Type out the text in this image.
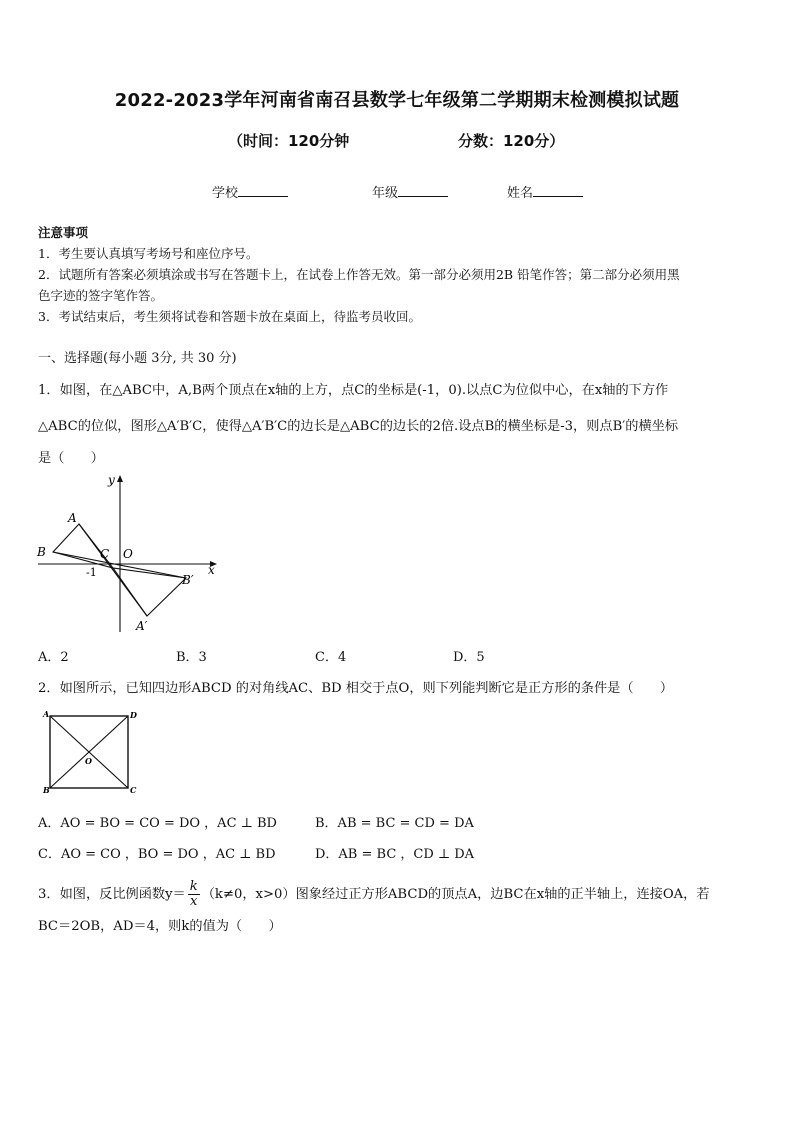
2022-2023学年河南省南召县数学七年级第二学期期末检测模拟试题
（时间：120分钟	分数：120分）
学校	年级	姓名
注意事项
1．考生要认真填写考场号和座位序号。
2．试题所有答案必须填涂或书写在答题卡上，在试卷上作答无效。第一部分必须用2B 铅笔作答；第二部分必须用黑
色字迹的签字笔作答。
3．考试结束后，考生须将试卷和答题卡放在桌面上，待监考员收回。
一、选择题(每小题 3分, 共 30 分)
1．如图，在△ABC中，A,B两个顶点在x轴的上方，点C的坐标是(-1，0).以点C为位似中心，在x轴的下方作
△ABC的位似，图形△A′B′C，使得△A′B′C的边长是△ABC的边长的2倍.设点B的横坐标是-3，则点B′的横坐标
是（　　）
y
x
A
B	C O
-1
B′
A′
A．2	B．3	C．4	D．5
2．如图所示，已知四边形ABCD 的对角线AC、BD 相交于点O，则下列能判断它是正方形的条件是（　　）
A	D
B	C
O
A．AO = BO = CO = DO ，AC ⊥ BD	B．AB = BC = CD = DA
C．AO = CO ，BO = DO ，AC ⊥ BD	D．AB = BC ，CD ⊥ DA
3．如图，反比例函数$y= \frac{k}{x} (k\ne 0$，x>0）图象经过正方形ABCD的顶点A，边BC在x轴的正半轴上，连接OA，若
BC＝2OB，AD＝4，则k的值为（　　）
